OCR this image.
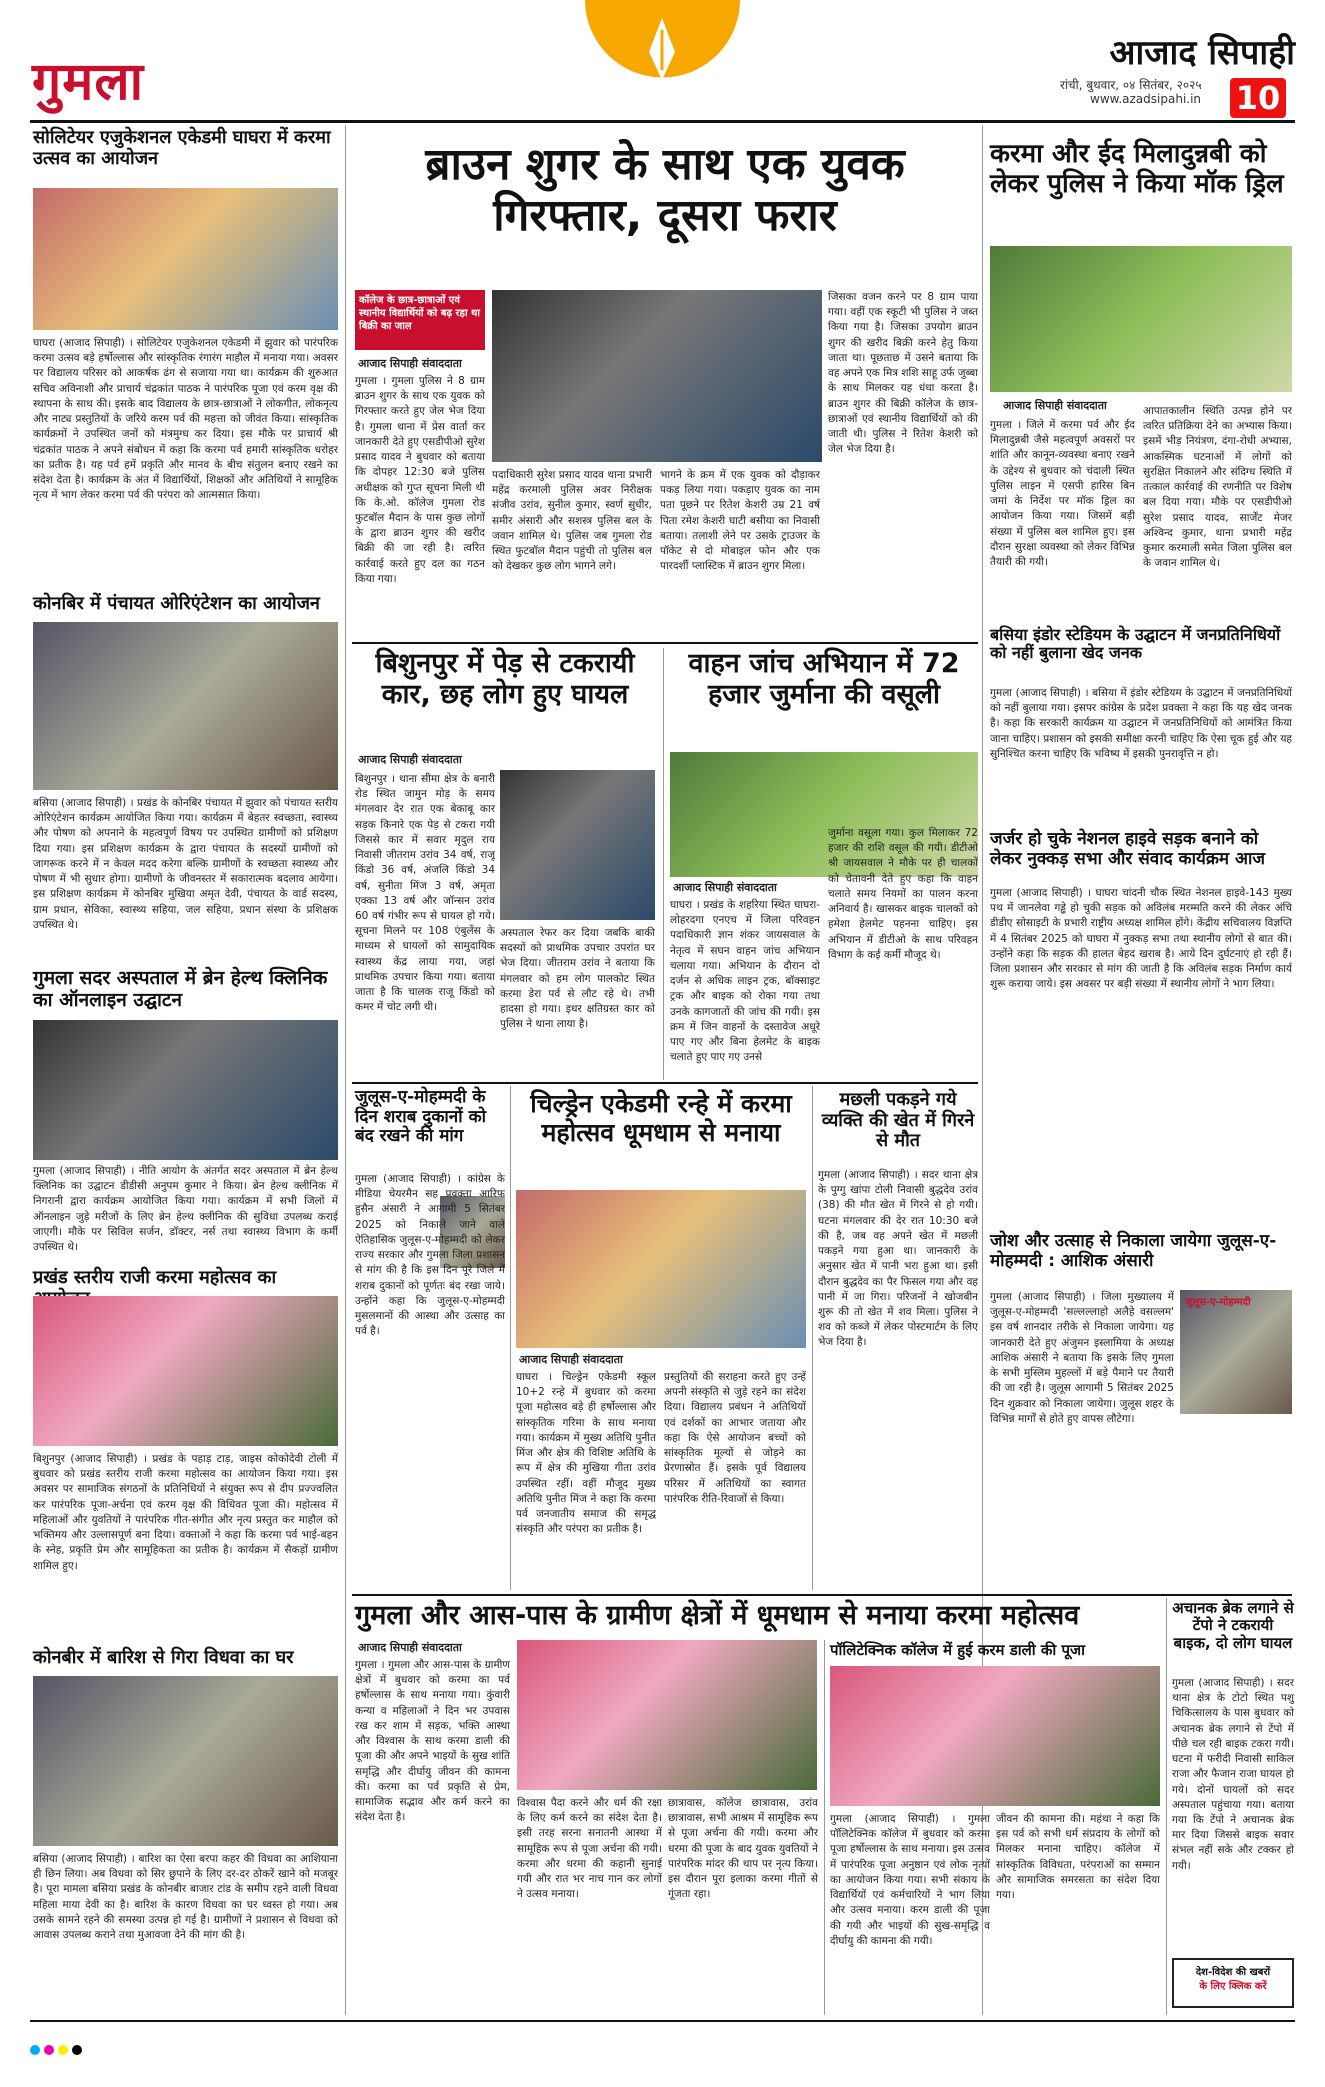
गुमला	आजाद सिपाही
रांची, बुधवार, ०४ सितंबर, २०२५
www.azadsipahi.in 10
सोलिटेयर एजुकेशनल एकेडमी घाघरा में करमा उत्सव का आयोजन
घाघरा (आजाद सिपाही) । सोलिटेयर एजुकेशनल एकेडमी में झुवार को पारंपरिक करमा उत्सव बड़े हर्षोल्लास और सांस्कृतिक रंगारंग माहौल में मनाया गया। अवसर पर विद्यालय परिसर को आकर्षक ढंग से सजाया गया था। कार्यक्रम की शुरुआत सचिव अविनाशी और प्राचार्य चंद्रकांत पाठक ने पारंपरिक पूजा एवं करम वृक्ष की स्थापना के साथ की। इसके बाद विद्यालय के छात्र-छात्राओं ने लोकगीत, लोकनृत्य और नाट्य प्रस्तुतियों के जरिये करम पर्व की महत्ता को जीवंत किया। सांस्कृतिक कार्यक्रमों ने उपस्थित जनों को मंत्रमुग्ध कर दिया। इस मौके पर प्राचार्य श्री चंद्रकांत पाठक ने अपने संबोधन में कहा कि करमा पर्व हमारी सांस्कृतिक धरोहर का प्रतीक है। यह पर्व हमें प्रकृति और मानव के बीच संतुलन बनाए रखने का संदेश देता है। कार्यक्रम के अंत में विद्यार्थियों, शिक्षकों और अतिथियों ने सामूहिक नृत्य में भाग लेकर करमा पर्व की परंपरा को आत्मसात किया।
कोनबिर में पंचायत ओरिएंटेशन का आयोजन
बसिया (आजाद सिपाही) । प्रखंड के कोनबिर पंचायत में झुवार को पंचायत स्तरीय ओरिएंटेशन कार्यक्रम आयोजित किया गया। कार्यक्रम में बेहतर स्वच्छता, स्वास्थ्य और पोषण को अपनाने के महत्वपूर्ण विषय पर उपस्थित ग्रामीणों को प्रशिक्षण दिया गया। इस प्रशिक्षण कार्यक्रम के द्वारा पंचायत के सदस्यों ग्रामीणों को जागरूक करने में न केवल मदद करेगा बल्कि ग्रामीणों के स्वच्छता स्वास्थ्य और पोषण में भी सुधार होगा। ग्रामीणों के जीवनस्तर में सकारात्मक बदलाव आयेगा। इस प्रशिक्षण कार्यक्रम में कोनबिर मुखिया अमृत देवी, पंचायत के वार्ड सदस्य, ग्राम प्रधान, सेविका, स्वास्थ्य सहिया, जल सहिया, प्रधान संस्था के प्रशिक्षक उपस्थित थे।
गुमला सदर अस्पताल में ब्रेन हेल्थ क्लिनिक का ऑनलाइन उद्घाटन
गुमला (आजाद सिपाही) । नीति आयोग के अंतर्गत सदर अस्पताल में ब्रेन हेल्थ क्लिनिक का उद्घाटन डीडीसी अनुपम कुमार ने किया। ब्रेन हेल्थ क्लीनिक में निगरानी द्वारा कार्यक्रम आयोजित किया गया। कार्यक्रम में सभी जिलों में ऑनलाइन जुड़े मरीजों के लिए ब्रेन हेल्थ क्लीनिक की सुविधा उपलब्ध कराई जाएगी। मौके पर सिविल सर्जन, डॉक्टर, नर्स तथा स्वास्थ्य विभाग के कर्मी उपस्थित थे।
प्रखंड स्तरीय राजी करमा महोत्सव का
बिशुनपुर (आजाद सिपाही) । प्रखंड के पहाड़ टाड़, जाइस कोकोदेवी टोली में बुधवार को प्रखंड स्तरीय राजी करमा महोत्सव का आयोजन किया गया। इस अवसर पर सामाजिक संगठनों के प्रतिनिधियों ने संयुक्त रूप से दीप प्रज्ज्वलित कर पारंपरिक पूजा-अर्चना एवं करम वृक्ष की विधिवत पूजा की। महोत्सव में महिलाओं और युवतियों ने पारंपरिक गीत-संगीत और नृत्य प्रस्तुत कर माहौल को भक्तिमय और उल्लासपूर्ण बना दिया। वक्ताओं ने कहा कि करमा पर्व भाई-बहन के स्नेह, प्रकृति प्रेम और सामूहिकता का प्रतीक है। कार्यक्रम में सैकड़ों ग्रामीण शामिल हुए।
कोनबीर में बारिश से गिरा विधवा का घर
बसिया (आजाद सिपाही) । बारिश का ऐसा बरपा कहर की विधवा का आशियाना ही छिन लिया। अब विधवा को सिर छुपाने के लिए दर-दर ठोकरें खाने को मजबूर है। पूरा मामला बसिया प्रखंड के कोनबीर बाजार टांड के समीप रहने वाली विधवा महिला माया देवी का है। बारिश के कारण विधवा का घर ध्वस्त हो गया। अब उसके सामने रहने की समस्या उत्पन्न हो गई है। ग्रामीणों ने प्रशासन से विधवा को आवास उपलब्ध कराने तथा मुआवजा देने की मांग की है।
ब्राउन शुगर के साथ एक युवक गिरफ्तार, दूसरा फरार
कॉलेज के छात्र-छात्राओं एवं स्थानीय विद्यार्थियों को बढ़ रहा था बिक्री का जाल
आजाद सिपाही संवाददाता
गुमला । गुमला पुलिस ने 8 ग्राम ब्राउन शुगर के साथ एक युवक को गिरफ्तार करते हुए जेल भेज दिया है। गुमला थाना में प्रेस वार्ता कर जानकारी देते हुए एसडीपीओ सुरेश प्रसाद यादव ने बुधवार को बताया कि दोपहर 12:30 बजे पुलिस अधीक्षक को गुप्त सूचना मिली थी कि के.ओ. कॉलेज गुमला रोड फुटबॉल मैदान के पास कुछ लोगों के द्वारा ब्राउन शुगर की खरीद बिक्री की जा रही है। त्वरित कार्रवाई करते हुए दल का गठन किया गया।
पदाधिकारी सुरेश प्रसाद यादव थाना प्रभारी महेंद्र करमाली पुलिस अवर निरीक्षक संजीव उरांव, सुनील कुमार, स्वर्ण सुधीर, समीर अंसारी और सशस्त्र पुलिस बल के जवान शामिल थे। पुलिस जब गुमला रोड स्थित फुटबॉल मैदान पहुंची तो पुलिस बल को देखकर कुछ लोग भागने लगे।
भागने के क्रम में एक युवक को दौड़ाकर पकड़ लिया गया। पकड़ाए युवक का नाम पता पूछने पर रितेश केशरी उम्र 21 वर्ष पिता रमेश केशरी घाटी बसीया का निवासी बताया। तलाशी लेने पर उसके ट्राउजर के पॉकेट से दो मोबाइल फोन और एक पारदर्शी प्लास्टिक में ब्राउन शुगर मिला।
जिसका वजन करने पर 8 ग्राम पाया गया। वहीं एक स्कूटी भी पुलिस ने जब्त किया गया है। जिसका उपयोग ब्राउन शुगर की खरीद बिक्री करने हेतु किया जाता था। पूछताछ में उसने बताया कि वह अपने एक मित्र शशि साहू उर्फ जुब्बा के साथ मिलकर यह धंधा करता है। ब्राउन शुगर की बिक्री कॉलेज के छात्र-छात्राओं एवं स्थानीय विद्यार्थियों को की जाती थी। पुलिस ने रितेश केशरी को जेल भेज दिया है।
बिशुनपुर में पेड़ से टकरायी कार, छह लोग हुए घायल
आजाद सिपाही संवाददाता
बिशुनपुर । थाना सीमा क्षेत्र के बनारी रोड स्थित जामुन मोड़ के समय मंगलवार देर रात एक बेकाबू कार सड़क किनारे एक पेड़ से टकरा गयी जिससे कार में सवार मृदुल राय निवासी जीतराम उरांव 34 वर्ष, राजू किंडो 36 वर्ष, अंजलि किंडो 34 वर्ष, सुनीता मिंज 3 वर्ष, अमृता एक्का 13 वर्ष और जॉन्सन उरांव 60 वर्ष गंभीर रूप से घायल हो गये। सूचना मिलने पर 108 एंबुलेंस के माध्यम से घायलों को सामुदायिक स्वास्थ्य केंद्र लाया गया, जहां प्राथमिक उपचार किया गया। बताया जाता है कि चालक राजू किंडो को कमर में चोट लगी थी।
अस्पताल रेफर कर दिया जबकि बाकी सदस्यों को प्राथमिक उपचार उपरांत घर भेज दिया। जीतराम उरांव ने बताया कि मंगलवार को हम लोग पालकोट स्थित करमा डेरा पर्व से लौट रहे थे। तभी हादसा हो गया। इधर क्षतिग्रस्त कार को पुलिस ने थाना लाया है।
वाहन जांच अभियान में 72 हजार जुर्माना की वसूली
आजाद सिपाही संवाददाता
घाघरा । प्रखंड के शहरिया स्थित घाघरा-लोहरदगा एनएच में जिला परिवहन पदाधिकारी ज्ञान शंकर जायसवाल के नेतृत्व में सघन वाहन जांच अभियान चलाया गया। अभियान के दौरान दो दर्जन से अधिक लाइन ट्रक, बॉक्साइट ट्रक और बाइक को रोका गया तथा उनके कागजातों की जांच की गयी। इस क्रम में जिन वाहनों के दस्तावेज अधूरे पाए गए और बिना हेलमेट के बाइक चलाते हुए पाए गए उनसे
जुर्माना वसूला गया। कुल मिलाकर 72 हजार की राशि वसूल की गयी। डीटीओ श्री जायसवाल ने मौके पर ही चालकों को चेतावनी देते हुए कहा कि वाहन चलाते समय नियमों का पालन करना अनिवार्य है। खासकर बाइक चालकों को हमेशा हेलमेट पहनना चाहिए। इस अभियान में डीटीओ के साथ परिवहन विभाग के कई कर्मी मौजूद थे।
जुलूस-ए-मोहम्मदी के दिन शराब दुकानों को बंद रखने की मांग
गुमला (आजाद सिपाही) । कांग्रेस के मीडिया चेयरमैन सह प्रवक्ता आरिफ हुसैन अंसारी ने आगामी 5 सितंबर 2025 को निकाले जाने वाले ऐतिहासिक जुलूस-ए-मोहम्मदी को लेकर राज्य सरकार और गुमला जिला प्रशासन से मांग की है कि इस दिन पूरे जिले में शराब दुकानों को पूर्णतः बंद रखा जाये। उन्होंने कहा कि जुलूस-ए-मोहम्मदी मुसलमानों की आस्था और उत्साह का पर्व है।
चिल्ड्रेन एकेडमी रन्हे में करमा महोत्सव धूमधाम से मनाया
आजाद सिपाही संवाददाता
घाघरा । चिल्ड्रेन एकेडमी स्कूल 10+2 रन्हे में बुधवार को करमा पूजा महोत्सव बड़े ही हर्षोल्लास और सांस्कृतिक गरिमा के साथ मनाया गया। कार्यक्रम में मुख्य अतिथि पुनीत मिंज और क्षेत्र की विशिष्ट अतिथि के रूप में क्षेत्र की मुखिया गीता उरांव उपस्थित रहीं। वहीं मौजूद मुख्य अतिथि पुनीत मिंज ने कहा कि करमा पर्व जनजातीय समाज की समृद्ध संस्कृति और परंपरा का प्रतीक है।
प्रस्तुतियों की सराहना करते हुए उन्हें अपनी संस्कृति से जुड़े रहने का संदेश दिया। विद्यालय प्रबंधन ने अतिथियों एवं दर्शकों का आभार जताया और कहा कि ऐसे आयोजन बच्चों को सांस्कृतिक मूल्यों से जोड़ने का प्रेरणास्रोत हैं। इसके पूर्व विद्यालय परिसर में अतिथियों का स्वागत पारंपरिक रीति-रिवाजों से किया।
मछली पकड़ने गये व्यक्ति की खेत में गिरने से मौत
गुमला (आजाद सिपाही) । सदर थाना क्षेत्र के पुग्गु खांपा टोली निवासी बुद्धदेव उरांव (38) की मौत खेत में गिरने से हो गयी। घटना मंगलवार की देर रात 10:30 बजे की है, जब वह अपने खेत में मछली पकड़ने गया हुआ था। जानकारी के अनुसार खेत में पानी भरा हुआ था। इसी दौरान बुद्धदेव का पैर फिसल गया और वह पानी में जा गिरा। परिजनों ने खोजबीन शुरू की तो खेत में शव मिला। पुलिस ने शव को कब्जे में लेकर पोस्टमार्टम के लिए भेज दिया है।
गुमला और आस-पास के ग्रामीण क्षेत्रों में धूमधाम से मनाया करमा महोत्सव
आजाद सिपाही संवाददाता
गुमला । गुमला और आस-पास के ग्रामीण क्षेत्रों में बुधवार को करमा का पर्व हर्षोल्लास के साथ मनाया गया। कुंवारी कन्या व महिलाओं ने दिन भर उपवास रख कर शाम में सड़क, भक्ति आस्था और विश्वास के साथ करमा डाली की पूजा की और अपने भाइयों के सुख शांति समृद्धि और दीर्घायु जीवन की कामना की। करमा का पर्व प्रकृति से प्रेम, सामाजिक सद्भाव और कर्म करने का संदेश देता है।
विश्वास पैदा करने और धर्म की रक्षा के लिए कर्म करने का संदेश देता है। इसी तरह सरना सनातनी आस्था में सामूहिक रूप से पूजा अर्चना की गयी। करमा और धरमा की कहानी सुनाई गयी और रात भर नाच गान कर लोगों ने उत्सव मनाया।
छात्रावास, कॉलेज छात्रावास, उरांव छात्रावास, सभी आश्रम में सामूहिक रूप से पूजा अर्चना की गयी। करमा और धरमा की पूजा के बाद युवक युवतियों ने पारंपरिक मांदर की थाप पर नृत्य किया। इस दौरान पूरा इलाका करमा गीतों से गूंजता रहा।
पॉलिटेक्निक कॉलेज में हुई करम डाली की पूजा
गुमला (आजाद सिपाही) । गुमला पॉलिटेक्निक कॉलेज में बुधवार को करमा पूजा हर्षोल्लास के साथ मनाया। इस उत्सव में पारंपरिक पूजा अनुष्ठान एवं लोक नृत्यों का आयोजन किया गया। सभी संकाय के विद्यार्थियों एवं कर्मचारियों ने भाग लिया और उत्सव मनाया। करम डाली की पूजा की गयी और भाइयों की सुख-समृद्धि व दीर्घायु की कामना की गयी।
जीवन की कामना की। महंथा ने कहा कि इस पर्व को सभी धर्म संप्रदाय के लोगों को मिलकर मनाना चाहिए। कॉलेज में सांस्कृतिक विविधता, परंपराओं का सम्मान और सामाजिक समरसता का संदेश दिया गया।
करमा और ईद मिलादुन्नबी को लेकर पुलिस ने किया मॉक ड्रिल
आजाद सिपाही संवाददाता
गुमला । जिले में करमा पर्व और ईद मिलादुन्नबी जैसे महत्वपूर्ण अवसरों पर शांति और कानून-व्यवस्था बनाए रखने के उद्देश्य से बुधवार को चंदाली स्थित पुलिस लाइन में एसपी हारिस बिन जमां के निर्देश पर मॉक ड्रिल का आयोजन किया गया। जिसमें बड़ी संख्या में पुलिस बल शामिल हुए। इस दौरान सुरक्षा व्यवस्था को लेकर विभिन्न तैयारी की गयी।
आपातकालीन स्थिति उत्पन्न होने पर त्वरित प्रतिक्रिया देने का अभ्यास किया। इसमें भीड़ नियंत्रण, दंगा-रोधी अभ्यास, आकस्मिक घटनाओं में लोगों को सुरक्षित निकालने और संदिग्ध स्थिति में तत्काल कार्रवाई की रणनीति पर विशेष बल दिया गया। मौके पर एसडीपीओ सुरेश प्रसाद यादव, सार्जेंट मेजर अश्विन्द कुमार, थाना प्रभारी महेंद्र कुमार करमाली समेत जिला पुलिस बल के जवान शामिल थे।
बसिया इंडोर स्टेडियम के उद्घाटन में जनप्रतिनिधियों को नहीं बुलाना खेद जनक
गुमला (आजाद सिपाही) । बसिया में इंडोर स्टेडियम के उद्घाटन में जनप्रतिनिधियों को नहीं बुलाया गया। इसपर कांग्रेस के प्रदेश प्रवक्ता ने कहा कि यह खेद जनक है। कहा कि सरकारी कार्यक्रम या उद्घाटन में जनप्रतिनिधियों को आमंत्रित किया जाना चाहिए। प्रशासन को इसकी समीक्षा करनी चाहिए कि ऐसा चूक हुई और यह सुनिश्चित करना चाहिए कि भविष्य में इसकी पुनरावृत्ति न हो।
जर्जर हो चुके नेशनल हाइवे सड़क बनाने को लेकर नुक्कड़ सभा और संवाद कार्यक्रम आज
गुमला (आजाद सिपाही) । घाघरा चांदनी चौक स्थित नेशनल हाइवे-143 मुख्य पथ में जानलेवा गड्ढे हो चुकी सड़क को अविलंब मरम्मति करने की लेकर अंचि डीडीए सोसाइटी के प्रभारी राष्ट्रीय अध्यक्ष शामिल होंगे। केंद्रीय सचिवालय विज्ञप्ति में 4 सितंबर 2025 को घाघरा में नुक्कड़ सभा तथा स्थानीय लोगों से बात की। उन्होंने कहा कि सड़क की हालत बेहद खराब है। आये दिन दुर्घटनाएं हो रही हैं। जिला प्रशासन और सरकार से मांग की जाती है कि अविलंब सड़क निर्माण कार्य शुरू कराया जाये। इस अवसर पर बड़ी संख्या में स्थानीय लोगों ने भाग लिया।
जोश और उत्साह से निकाला जायेगा जुलूस-ए-मोहम्मदी : आशिक अंसारी
जुलूस-ए-मोहम्मदी
गुमला (आजाद सिपाही) । जिला मुख्यालय में जुलूस-ए-मोहम्मदी 'सल्लल्लाहो अलैहे वसल्लम' इस वर्ष शानदार तरीके से निकाला जायेगा। यह जानकारी देते हुए अंजुमन इस्लामिया के अध्यक्ष आशिक अंसारी ने बताया कि इसके लिए गुमला के सभी मुस्लिम मुहल्लों में बड़े पैमाने पर तैयारी की जा रही है। जुलूस आगामी 5 सितंबर 2025 दिन शुक्रवार को निकाला जायेगा। जुलूस शहर के विभिन्न मार्गों से होते हुए वापस लौटेगा।
अचानक ब्रेक लगाने से टेंपो ने टकरायी बाइक, दो लोग घायल
गुमला (आजाद सिपाही) । सदर थाना क्षेत्र के टोटो स्थित पशु चिकित्सालय के पास बुधवार को अचानक ब्रेक लगाने से टेंपो में पीछे चल रही बाइक टकरा गयी। घटना में फरीदी निवासी साकिल राजा और फैजान राजा घायल हो गये। दोनों घायलों को सदर अस्पताल पहुंचाया गया। बताया गया कि टेंपो ने अचानक ब्रेक मार दिया जिससे बाइक सवार संभल नहीं सके और टक्कर हो गयी।
देश-विदेश की खबरों
के लिए क्लिक करें
